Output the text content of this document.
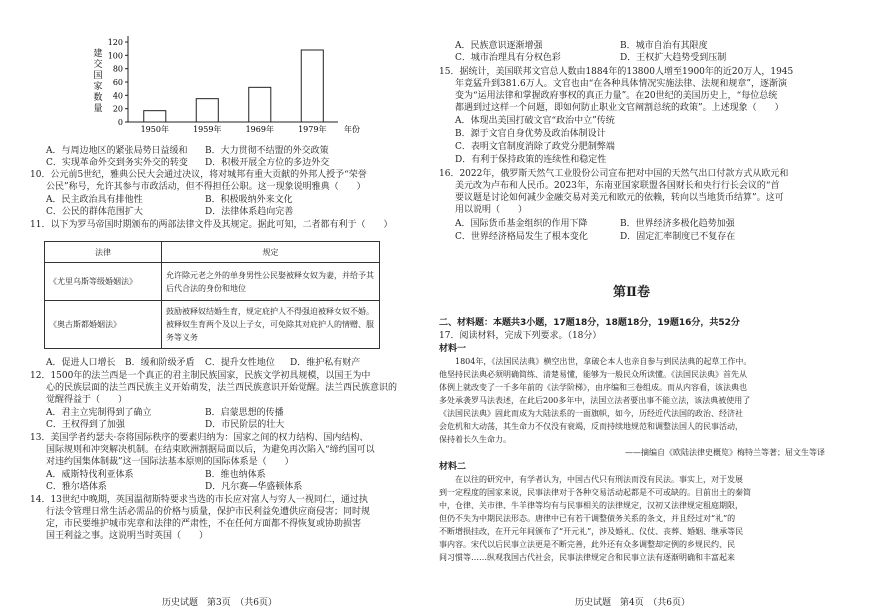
建
交
国
家
数
量
0
20
40
60
80
100
120
1950年	1959年	1969年	1979年 年份
A．与周边地区的紧张局势日益缓和 B．大力贯彻不结盟的外交政策
C．实现革命外交到务实外交的转变 D．积极开展全方位的多边外交
10．公元前5世纪，雅典公民大会通过决议，将对城邦有重大贡献的外邦人授予“荣誉
公民”称号，允许其参与市政活动，但不得担任公职。这一现象说明雅典（　　）
A．民主政治具有排他性	B．积极吸纳外来文化
C．公民的群体范围扩大	D．法律体系趋向完善
11．以下为罗马帝国时期颁布的两部法律文件及其规定。据此可知，二者都有利于（　　）
法律	规定
《尤里乌斯等级婚姻法》	允许除元老之外的单身男性公民娶被释女奴为妻，并给予其后代合法的身份和地位
《奥古斯都婚姻法》	鼓励被释奴结婚生育，规定庇护人不得强迫被释女奴不婚。被释奴生育两个及以上子女，可免除其对庇护人的情赠、服务等义务
A．促进人口增长 B．缓和阶级矛盾 C．提升女性地位 D．维护私有财产
12．1500年的法兰西是一个真正的君主制民族国家，民族文学初具规模，以国王为中
心的民族层面的法兰西民族主义开始萌发，法兰西民族意识开始觉醒。法兰西民族意识的
觉醒得益于（　　）
A．君主立宪制得到了确立	B．启蒙思想的传播
C．王权得到了加强	D．市民阶层的壮大
13．美国学者约瑟夫·奈将国际秩序的要素归纳为：国家之间的权力结构、国内结构、
国际规则和冲突解决机制。在结束欧洲割据局面以后，为避免再次陷入“缔约国可以
对违约国集体制裁”这一国际法基本原则的国际体系是（　　）
A．威斯特伐利亚体系	B．维也纳体系
C．雅尔塔体系	D．凡尔赛—华盛顿体系
14．13世纪中晚期，英国温彻斯特要求当选的市长应对富人与穷人一视同仁，通过执
行法令管理日常生活必需品的价格与质量，保护市民利益免遭供应商侵害；同时规
定，市民要维护城市宪章和法律的严肃性，不在任何方面都不得恢复或协助损害
国王利益之事。这说明当时英国（　　）
历史试题　第3页　（共6页）
A．民族意识逐渐增强	B．城市自治有其限度
C．城市治理具有分权色彩	D．王权扩大趋势受到压制
15．据统计，美国联邦文官总人数由1884年的13800人增至1900年的近20万人，1945
年竟猛升到381.6万人。文官也由“在各种具体情况实施法律、法规和规章”，逐渐演
变为“运用法律和掌握政府事权的真正力量”。在20世纪的美国历史上，“每位总统
都遇到过这样一个问题，即如何防止职业文官阐割总统的政策”。上述现象（　　）
A．体现出美国打破文官“政治中立”传统
B．源于文官自身优势及政治体制设计
C．表明文官制度消除了政党分肥制弊端
D．有利于保持政策的连续性和稳定性
16．2022年，俄罗斯天然气工业股份公司宣布把对中国的天然气出口付款方式从欧元和
美元改为卢布和人民币。2023年，东南亚国家联盟各国财长和央行行长会议的“首
要议题是讨论如何减少金融交易对美元和欧元的依赖，转向以当地货币结算”。这可
用以说明（　　）
A．国际货币基金组织的作用下降	B．世界经济多极化趋势加强
C．世界经济格局发生了根本变化	D．固定汇率制度已不复存在
第Ⅱ卷
二、材料题：本题共3小题，17题18分，18题18分，19题16分，共52分
17．阅读材料，完成下列要求。（18分）
材料一
1804年，《法国民法典》横空出世，拿破仑本人也亲自参与到民法典的起草工作中。
他坚持民法典必须明确简练、清楚易懂，能够为一般民众所读懂。《法国民法典》首先从
体例上就改变了一千多年前的《法学阶梯》，由序编和三卷组成。而从内容看，该法典也
多处承袭罗马法表述，在此后200多年中，法国立法者要出事不能立法，该法典被使用了
《法国民法典》固此而成为大陆法系的一面旗帜，如今，历经近代法国的政治、经济社
会危机和大动荡，其生命力不仅没有衰竭，反而持续地规范和调整法国人的民事活动，
保持着长久生命力。
——摘编自《欧陆法律史概览》梅特兰等著；屈文生等译
材料二
在以往的研究中，有学者认为，中国古代只有刑法而没有民法。事实上，对于发展
到一定程度的国家来说，民事法律对于各种交易活动起都是不可或缺的。目前出土的秦简
中，仓律、关市律、牛羊律等均有与民事相关的法律规定，汉初又法律规定租庭期限，
但仍不失为中期民法形态。唐律中已有若干调整债务关系的条文，并且经过对“礼”的
不断增损挂改，在开元年间颁布了“开元礼”，涉及婚礼、仪仗、丧葬、婚姻、继承等民
事内容。宋代以后民事立法更是不断完善，此外还有众多调整却定例的乡规民约、民
间习惯等……纵观我国古代社会，民事法律规定合和民事立法有逐渐明确和丰富起来
历史试题　第4页　（共6页）
